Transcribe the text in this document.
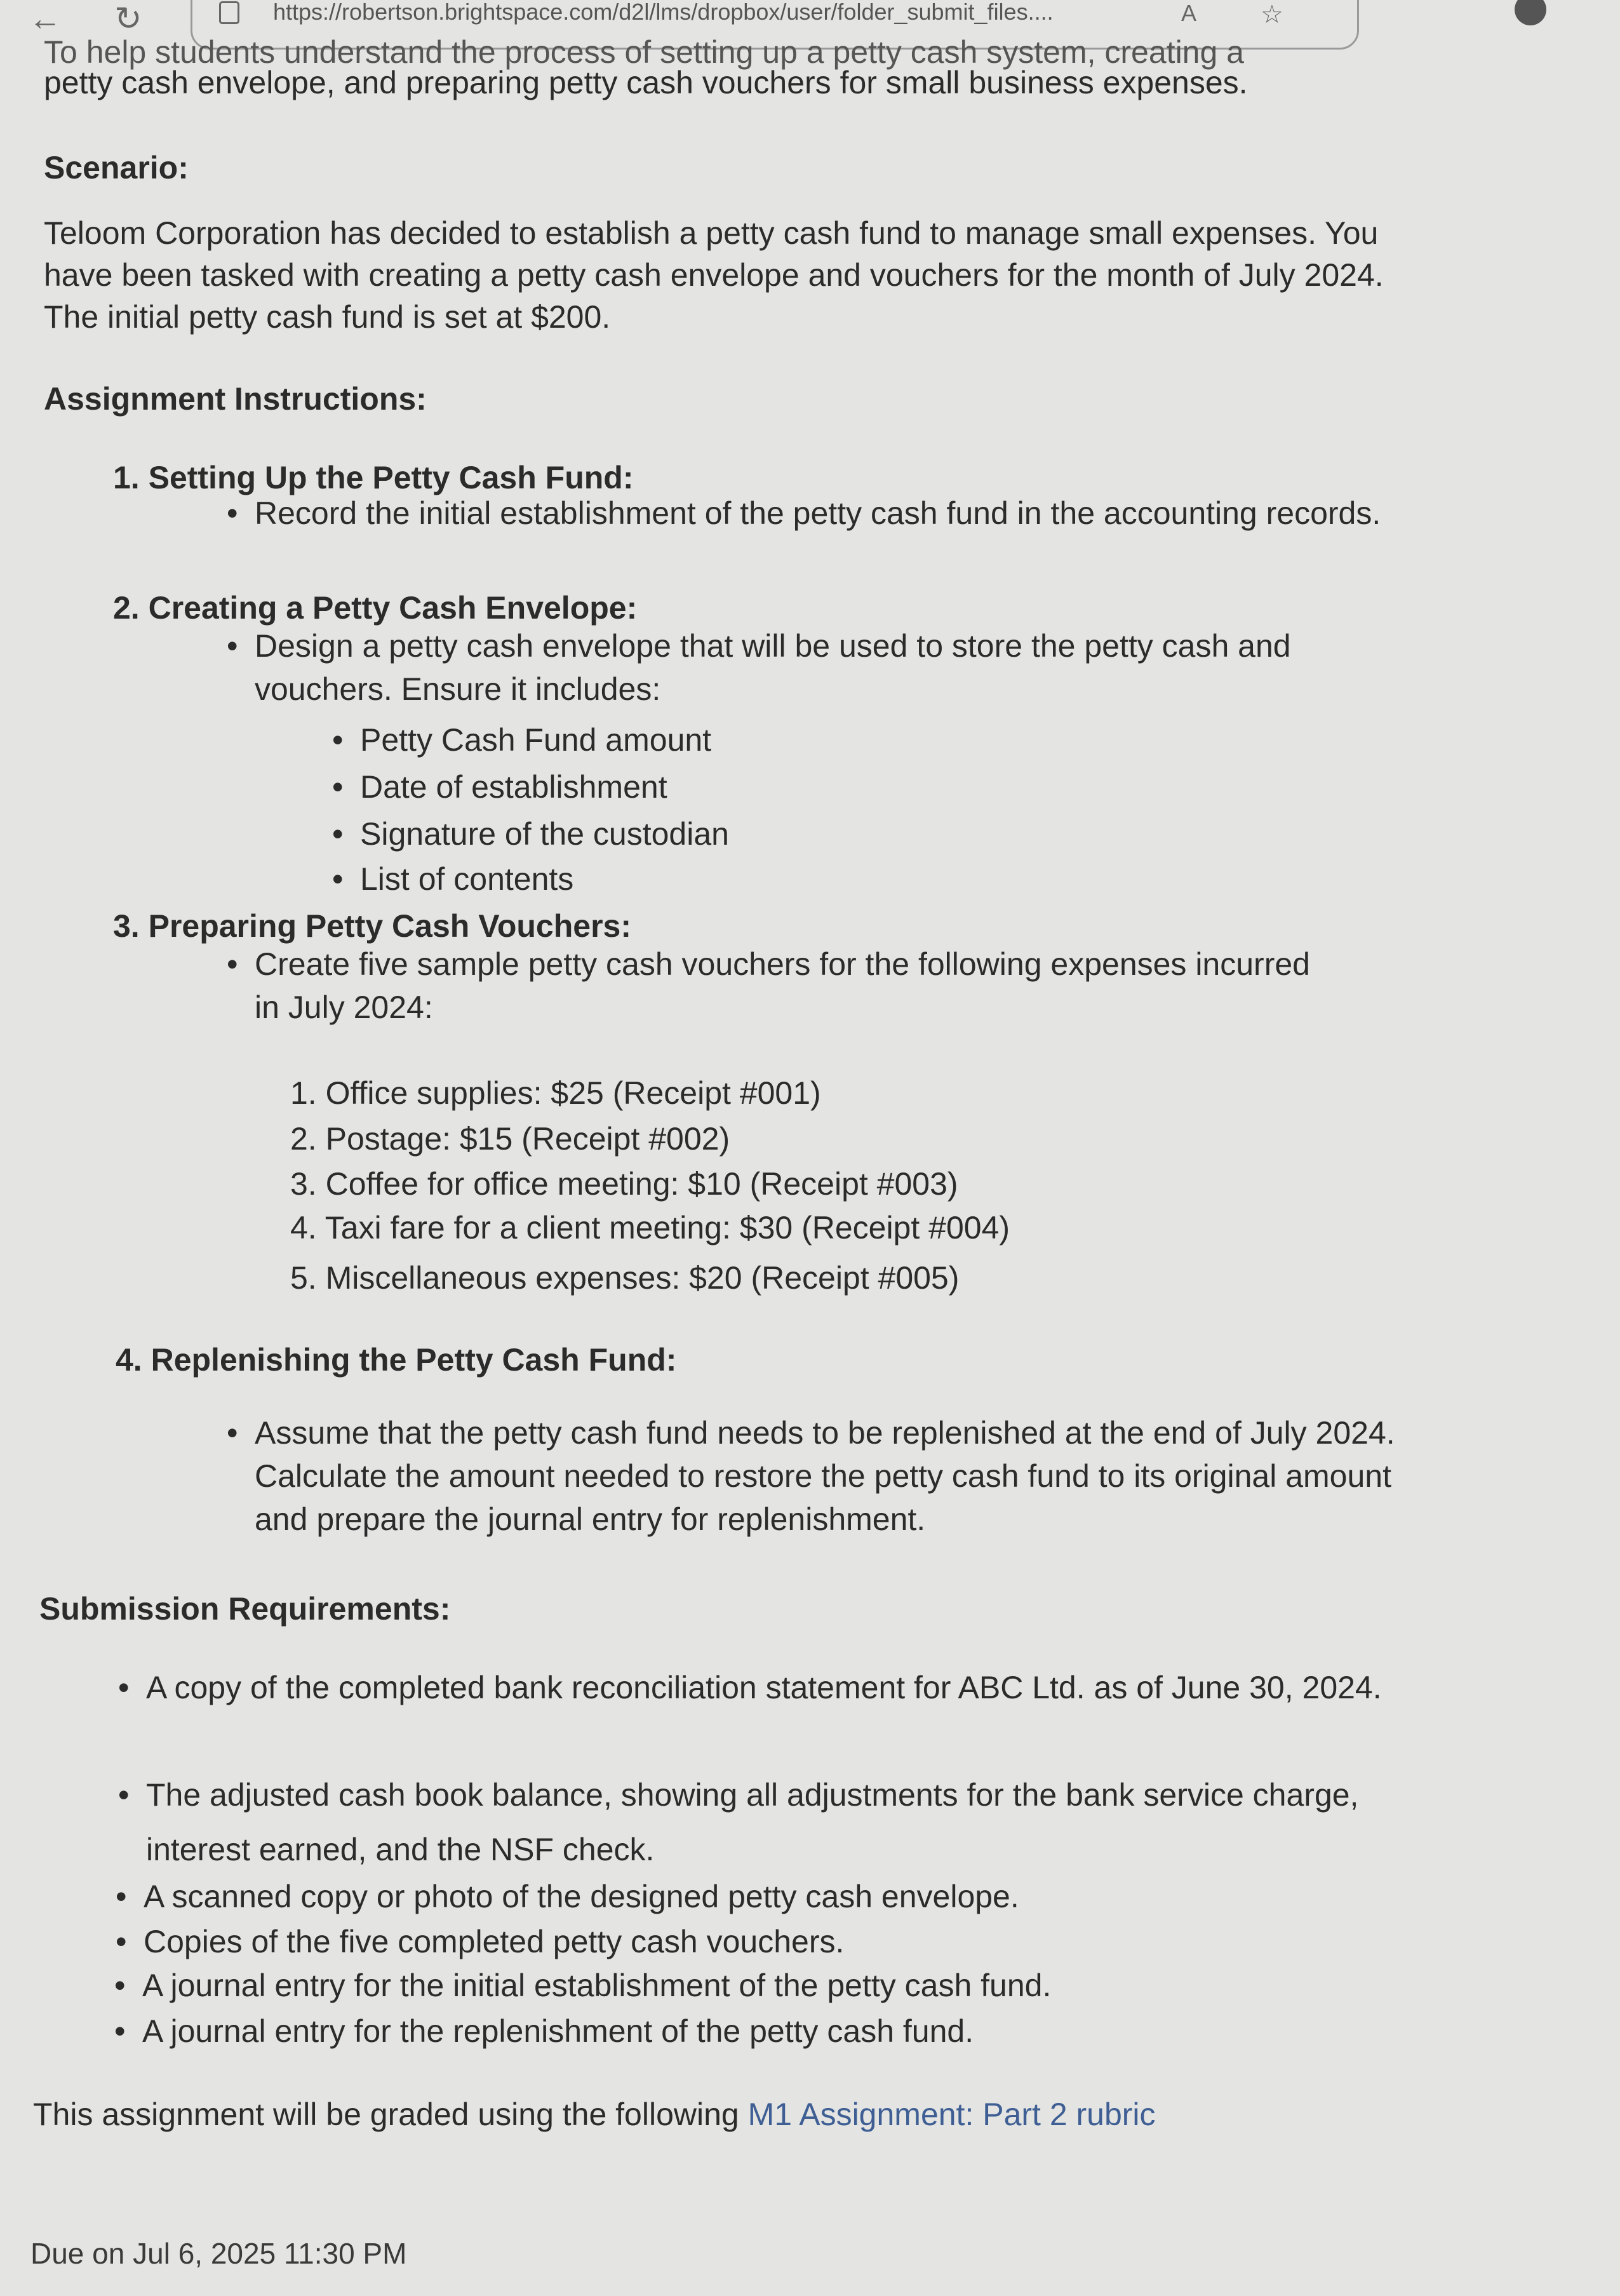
← ↻	https://robertson.brightspace.com/d2l/lms/dropbox/user/folder_submit_files....	A	☆
To help students understand the process of setting up a petty cash system, creating a
petty cash envelope, and preparing petty cash vouchers for small business expenses.
Scenario:
Teloom Corporation has decided to establish a petty cash fund to manage small expenses. You have been tasked with creating a petty cash envelope and vouchers for the month of July 2024. The initial petty cash fund is set at $200.
Assignment Instructions:
1. Setting Up the Petty Cash Fund:
• Record the initial establishment of the petty cash fund in the accounting records.
2. Creating a Petty Cash Envelope:
• Design a petty cash envelope that will be used to store the petty cash and vouchers. Ensure it includes:
• Petty Cash Fund amount
• Date of establishment
• Signature of the custodian
• List of contents
3. Preparing Petty Cash Vouchers:
• Create five sample petty cash vouchers for the following expenses incurred in July 2024:
1. Office supplies: $25 (Receipt #001)
2. Postage: $15 (Receipt #002)
3. Coffee for office meeting: $10 (Receipt #003)
4. Taxi fare for a client meeting: $30 (Receipt #004)
5. Miscellaneous expenses: $20 (Receipt #005)
4. Replenishing the Petty Cash Fund:
• Assume that the petty cash fund needs to be replenished at the end of July 2024. Calculate the amount needed to restore the petty cash fund to its original amount and prepare the journal entry for replenishment.
Submission Requirements:
• A copy of the completed bank reconciliation statement for ABC Ltd. as of June 30, 2024.
• The adjusted cash book balance, showing all adjustments for the bank service charge, interest earned, and the NSF check.
• A scanned copy or photo of the designed petty cash envelope.
• Copies of the five completed petty cash vouchers.
• A journal entry for the initial establishment of the petty cash fund.
• A journal entry for the replenishment of the petty cash fund.
This assignment will be graded using the following M1 Assignment: Part 2 rubric
Due on Jul 6, 2025 11:30 PM
